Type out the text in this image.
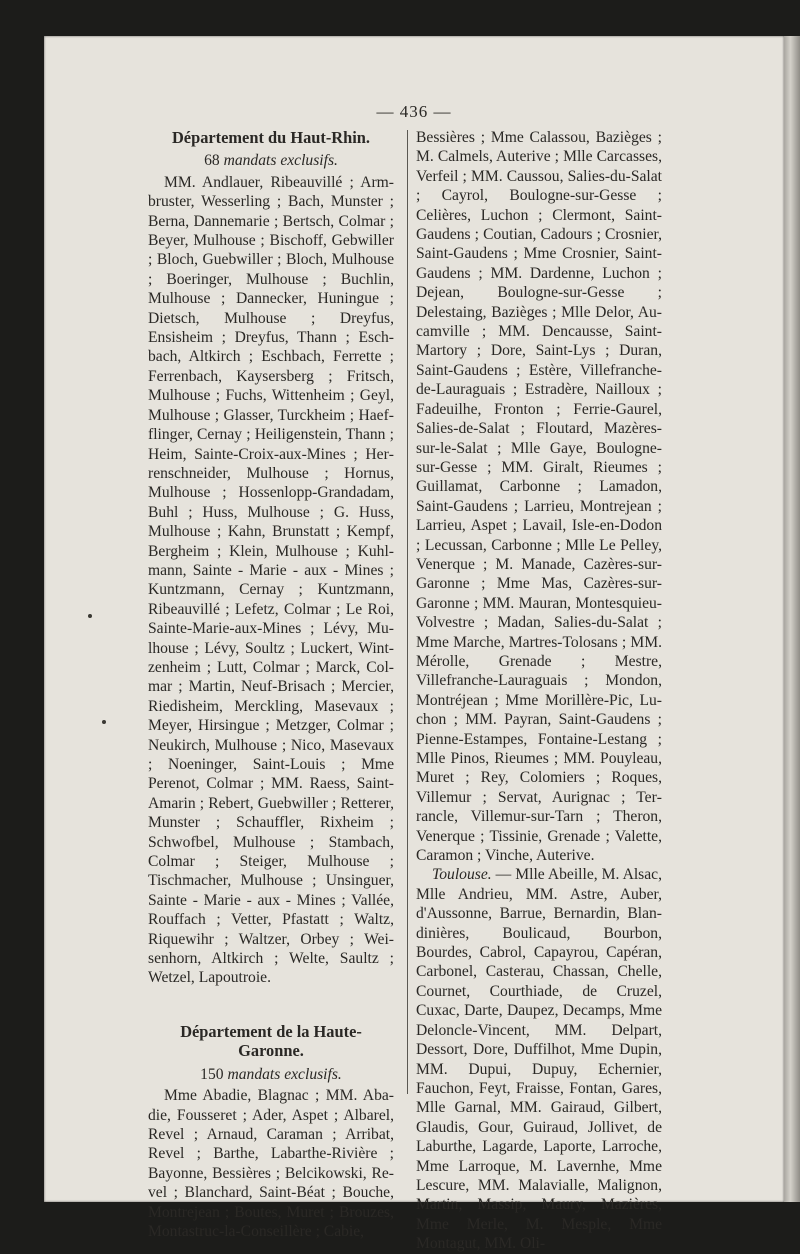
— 436 —
Département du Haut-Rhin.

68 mandats exclusifs.

MM. Andlauer, Ribeauvillé ; Armbruster, Wesserling ; Bach, Munster ; Berna, Dannemarie ; Bertsch, Colmar ; Beyer, Mulhouse ; Bischoff, Gebwiller ; Bloch, Guebwiller ; Bloch, Mulhouse ; Boeringer, Mulhouse ; Buchlin, Mulhouse ; Dannecker, Huningue ; Dietsch, Mulhouse ; Dreyfus, Ensisheim ; Dreyfus, Thann ; Eschbach, Altkirch ; Eschbach, Ferrette ; Ferrenbach, Kaysersberg ; Fritsch, Mulhouse ; Fuchs, Wittenheim ; Geyl, Mulhouse ; Glasser, Turckheim ; Haefflinger, Cernay ; Heiligenstein, Thann ; Heim, Sainte-Croix-aux-Mines ; Herrenschneider, Mulhouse ; Hornus, Mulhouse ; Hossenlopp-Grandadam, Buhl ; Huss, Mulhouse ; G. Huss, Mulhouse ; Kahn, Brunstatt ; Kempf, Bergheim ; Klein, Mulhouse ; Kuhlmann, Sainte - Marie - aux - Mines ; Kuntzmann, Cernay ; Kuntzmann, Ribeauvillé ; Lefetz, Colmar ; Le Roi, Sainte-Marie-aux-Mines ; Lévy, Mulhouse ; Lévy, Soultz ; Luckert, Wintzenheim ; Lutt, Colmar ; Marck, Colmar ; Martin, Neuf-Brisach ; Mercier, Riedisheim, Merckling, Masevaux ; Meyer, Hirsingue ; Metzger, Colmar ; Neukirch, Mulhouse ; Nico, Masevaux ; Noeninger, Saint-Louis ; Mme Perenot, Colmar ; MM. Raess, Saint-Amarin ; Rebert, Guebwiller ; Retterer, Munster ; Schauffler, Rixheim ; Schwofbel, Mulhouse ; Stambach, Colmar ; Steiger, Mulhouse ; Tischmacher, Mulhouse ; Unsinguer, Sainte - Marie - aux - Mines ; Vallée, Rouffach ; Vetter, Pfastatt ; Waltz, Riquewihr ; Waltzer, Orbey ; Weisenhorn, Altkirch ; Welte, Saultz ; Wetzel, Lapoutroie.

Département de la Haute-Garonne.

150 mandats exclusifs.

Mme Abadie, Blagnac ; MM. Abadie, Fousseret ; Ader, Aspet ; Albarel, Revel ; Arnaud, Caraman ; Arribat, Revel ; Barthe, Labarthe-Rivière ; Bayonne, Bessières ; Belcikowski, Revel ; Blanchard, Saint-Béat ; Bouche, Montrejean ; Boutes, Muret ; Brouzes, Montastruc-la-Conseillère ; Cabie,

Bessières ; Mme Calassou, Bazièges ; M. Calmels, Auterive ; Mlle Carcasses, Verfeil ; MM. Caussou, Salies-du-Salat ; Cayrol, Boulogne-sur-Gesse ; Celières, Luchon ; Clermont, Saint-Gaudens ; Coutian, Cadours ; Crosnier, Saint-Gaudens ; Mme Crosnier, Saint-Gaudens ; MM. Dardenne, Luchon ; Dejean, Boulogne-sur-Gesse ; Delestaing, Bazièges ; Mlle Delor, Aucamville ; MM. Dencausse, Saint-Martory ; Dore, Saint-Lys ; Duran, Saint-Gaudens ; Estère, Villefranche-de-Lauraguais ; Estradère, Nailloux ; Fadeuilhe, Fronton ; Ferrie-Gaurel, Salies-de-Salat ; Floutard, Mazères-sur-le-Salat ; Mlle Gaye, Boulogne-sur-Gesse ; MM. Giralt, Rieumes ; Guillamat, Carbonne ; Lamadon, Saint-Gaudens ; Larrieu, Montrejean ; Larrieu, Aspet ; Lavail, Isle-en-Dodon ; Lecussan, Carbonne ; Mlle Le Pelley, Venerque ; M. Manade, Cazères-sur-Garonne ; Mme Mas, Cazères-sur-Garonne ; MM. Mauran, Montesquieu-Volvestre ; Madan, Salies-du-Salat ; Mme Marche, Martres-Tolosans ; MM. Mérolle, Grenade ; Mestre, Villefranche-Lauraguais ; Mondon, Montréjean ; Mme Morillère-Pic, Luchon ; MM. Payran, Saint-Gaudens ; Pienne-Estampes, Fontaine-Lestang ; Mlle Pinos, Rieumes ; MM. Pouyleau, Muret ; Rey, Colomiers ; Roques, Villemur ; Servat, Aurignac ; Terrancle, Villemur-sur-Tarn ; Theron, Venerque ; Tissinie, Grenade ; Valette, Caramon ; Vinche, Auterive.

Toulouse. — Mlle Abeille, M. Alsac, Mlle Andrieu, MM. Astre, Auber, d'Aussonne, Barrue, Bernardin, Blandinières, Boulicaud, Bourbon, Bourdes, Cabrol, Capayrou, Capéran, Carbonel, Casterau, Chassan, Chelle, Cournet, Courthiade, de Cruzel, Cuxac, Darte, Daupez, Decamps, Mme Deloncle-Vincent, MM. Delpart, Dessort, Dore, Duffilhot, Mme Dupin, MM. Dupui, Dupuy, Echernier, Fauchon, Feyt, Fraisse, Fontan, Gares, Mlle Garnal, MM. Gairaud, Gilbert, Glaudis, Gour, Guiraud, Jollivet, de Laburthe, Lagarde, Laporte, Larroche, Mme Larroque, M. Lavernhe, Mme Lescure, MM. Malavialle, Malignon, Martin, Massip, Maury, Mazières, Mme Merle, M. Mesple, Mme Montagut, MM. Oli-
